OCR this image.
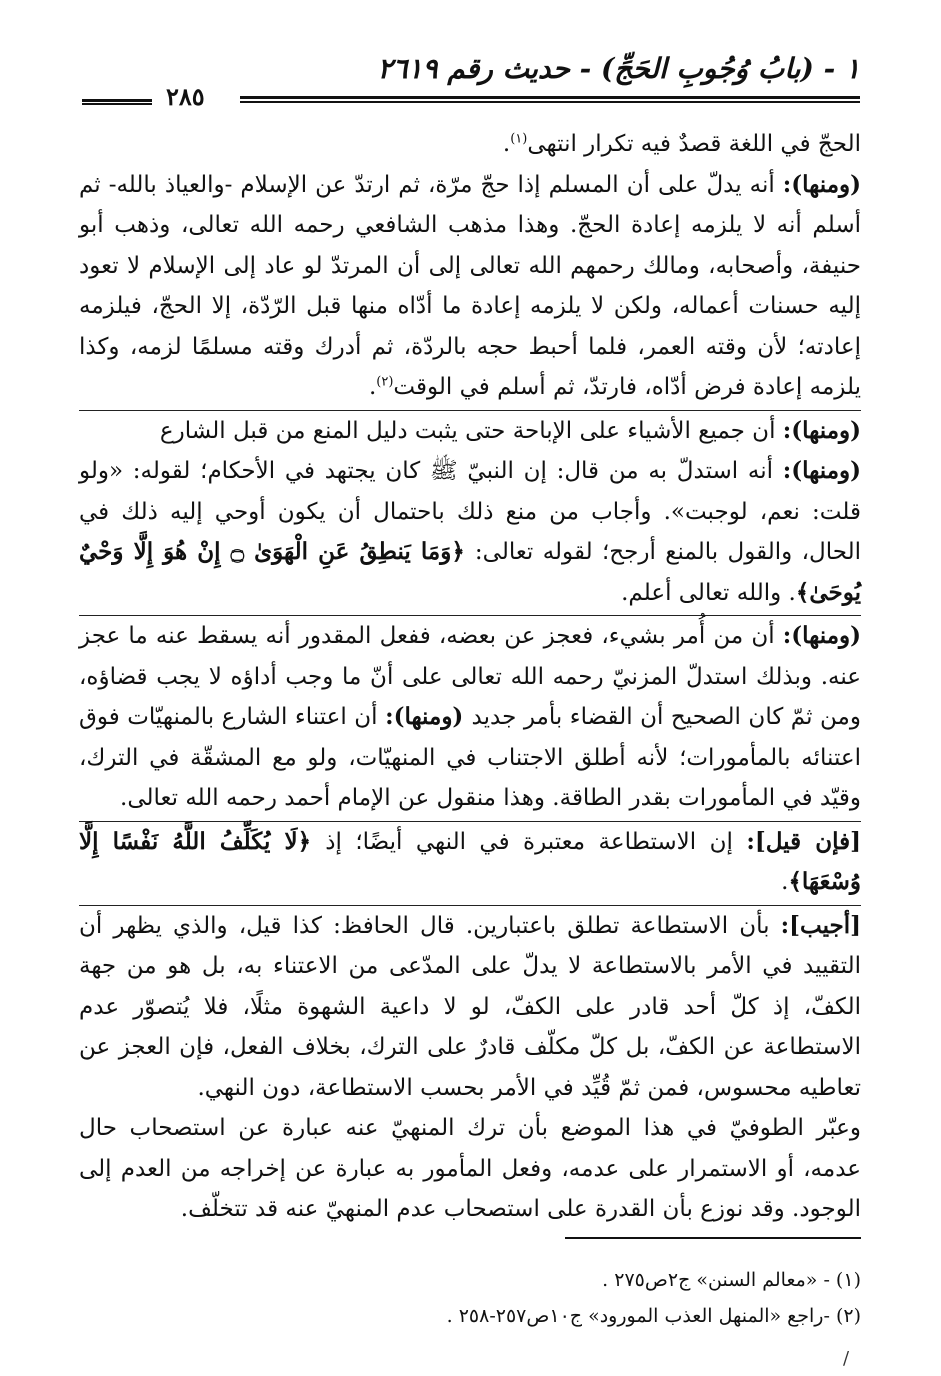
١ - (بابُ وُجُوبِ الحَجِّ) - حديث رقم ٢٦١٩
٢٨٥

الحجّ في اللغة قصدٌ فيه تكرار انتهى$^{(١)}$.

(ومنها): أنه يدلّ على أن المسلم إذا حجّ مرّة، ثم ارتدّ عن الإسلام -والعياذ بالله- ثم أسلم أنه لا يلزمه إعادة الحجّ. وهذا مذهب الشافعي رحمه الله تعالى، وذهب أبو حنيفة، وأصحابه، ومالك رحمهم الله تعالى إلى أن المرتدّ لو عاد إلى الإسلام لا تعود إليه حسنات أعماله، ولكن لا يلزمه إعادة ما أدّاه منها قبل الرّدّة، إلا الحجّ، فيلزمه إعادته؛ لأن وقته العمر، فلما أحبط حجه بالردّة، ثم أدرك وقته مسلمًا لزمه، وكذا يلزمه إعادة فرض أدّاه، فارتدّ، ثم أسلم في الوقت$^{(٢)}$.

(ومنها): أن جميع الأشياء على الإباحة حتى يثبت دليل المنع من قبل الشارع

(ومنها): أنه استدلّ به من قال: إن النبيّ ﷺ كان يجتهد في الأحكام؛ لقوله: «ولو قلت: نعم، لوجبت». وأجاب من منع ذلك باحتمال أن يكون أوحي إليه ذلك في الحال، والقول بالمنع أرجح؛ لقوله تعالى: ﴿وَمَا يَنطِقُ عَنِ الْهَوَىٰ ۝ إِنْ هُوَ إِلَّا وَحْيٌ يُوحَىٰ﴾. والله تعالى أعلم.

(ومنها): أن من أُمر بشيء، فعجز عن بعضه، ففعل المقدور أنه يسقط عنه ما عجز عنه. وبذلك استدلّ المزنيّ رحمه الله تعالى على أنّ ما وجب أداؤه لا يجب قضاؤه، ومن ثمّ كان الصحيح أن القضاء بأمر جديد (ومنها): أن اعتناء الشارع بالمنهيّات فوق اعتنائه بالمأمورات؛ لأنه أطلق الاجتناب في المنهيّات، ولو مع المشقّة في الترك، وقيّد في المأمورات بقدر الطاقة. وهذا منقول عن الإمام أحمد رحمه الله تعالى.

[فإن قيل]: إن الاستطاعة معتبرة في النهي أيضًا؛ إذ ﴿لَا يُكَلِّفُ اللَّهُ نَفْسًا إِلَّا وُسْعَهَا﴾.

[أجيب]: بأن الاستطاعة تطلق باعتبارين. قال الحافظ: كذا قيل، والذي يظهر أن التقييد في الأمر بالاستطاعة لا يدلّ على المدّعى من الاعتناء به، بل هو من جهة الكفّ، إذ كلّ أحد قادر على الكفّ، لو لا داعية الشهوة مثلًا، فلا يُتصوّر عدم الاستطاعة عن الكفّ، بل كلّ مكلّف قادرٌ على الترك، بخلاف الفعل، فإن العجز عن تعاطيه محسوس، فمن ثمّ قُيِّد في الأمر بحسب الاستطاعة، دون النهي.

وعبّر الطوفيّ في هذا الموضع بأن ترك المنهيّ عنه عبارة عن استصحاب حال عدمه، أو الاستمرار على عدمه، وفعل المأمور به عبارة عن إخراجه من العدم إلى الوجود. وقد نوزع بأن القدرة على استصحاب عدم المنهيّ عنه قد تتخلّف.

(١) - «معالم السنن» ج٢ص٢٧٥ .

(٢) -راجع «المنهل العذب المورود» ج١٠ص٢٥٧-٢٥٨ .

/
